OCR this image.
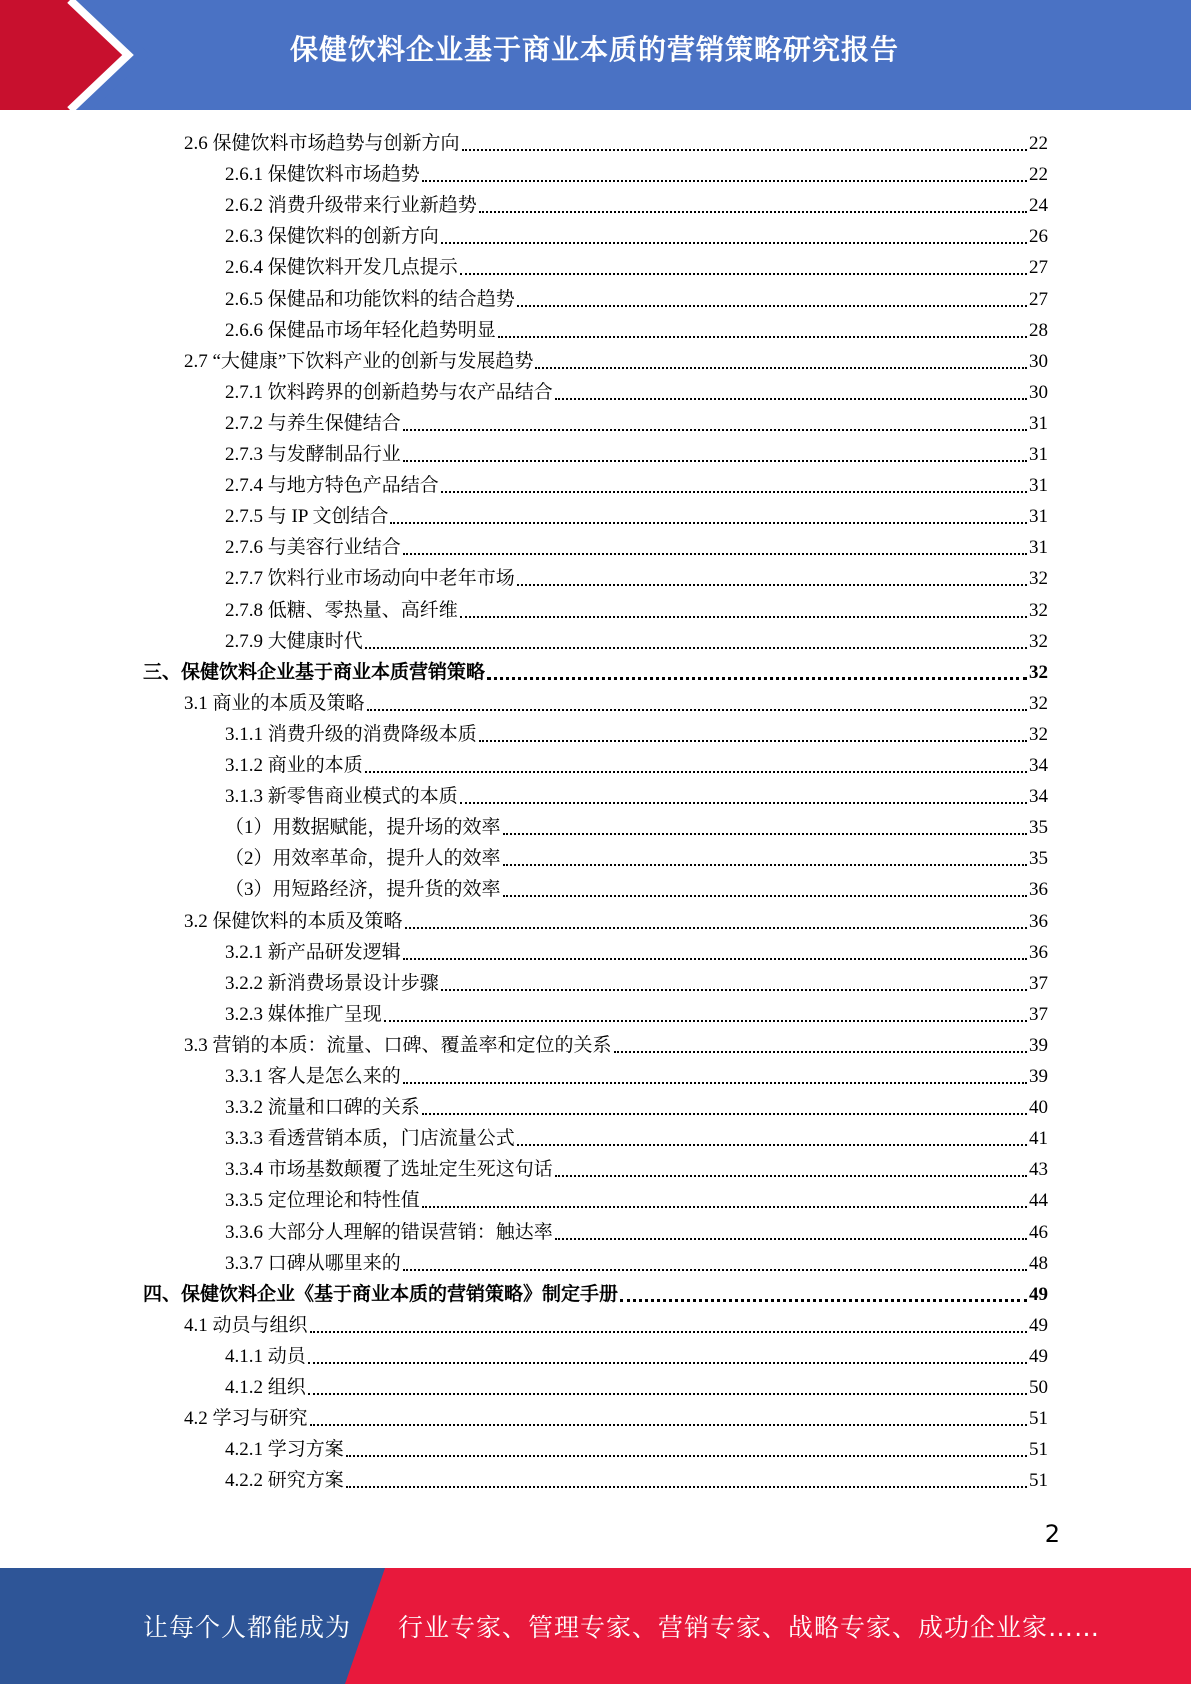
保健饮料企业基于商业本质的营销策略研究报告
2.6 保健饮料市场趋势与创新方向	22
2.6.1 保健饮料市场趋势	22
2.6.2 消费升级带来行业新趋势	24
2.6.3 保健饮料的创新方向	26
2.6.4 保健饮料开发几点提示	27
2.6.5 保健品和功能饮料的结合趋势	27
2.6.6 保健品市场年轻化趋势明显	28
2.7 “大健康”下饮料产业的创新与发展趋势	30
2.7.1 饮料跨界的创新趋势与农产品结合	30
2.7.2 与养生保健结合	31
2.7.3 与发酵制品行业	31
2.7.4 与地方特色产品结合	31
2.7.5 与 IP 文创结合	31
2.7.6 与美容行业结合	31
2.7.7 饮料行业市场动向中老年市场	32
2.7.8 低糖、零热量、高纤维	32
2.7.9 大健康时代	32
三、保健饮料企业基于商业本质营销策略	32
3.1 商业的本质及策略	32
3.1.1 消费升级的消费降级本质	32
3.1.2 商业的本质	34
3.1.3 新零售商业模式的本质	34
（1）用数据赋能，提升场的效率	35
（2）用效率革命，提升人的效率	35
（3）用短路经济，提升货的效率	36
3.2 保健饮料的本质及策略	36
3.2.1 新产品研发逻辑	36
3.2.2 新消费场景设计步骤	37
3.2.3 媒体推广呈现	37
3.3 营销的本质：流量、口碑、覆盖率和定位的关系	39
3.3.1 客人是怎么来的	39
3.3.2 流量和口碑的关系	40
3.3.3 看透营销本质，门店流量公式	41
3.3.4 市场基数颠覆了选址定生死这句话	43
3.3.5 定位理论和特性值	44
3.3.6 大部分人理解的错误营销：触达率	46
3.3.7 口碑从哪里来的	48
四、保健饮料企业《基于商业本质的营销策略》制定手册	49
4.1 动员与组织	49
4.1.1 动员	49
4.1.2 组织	50
4.2 学习与研究	51
4.2.1 学习方案	51
4.2.2 研究方案	51
2
让每个人都能成为 行业专家、管理专家、营销专家、战略专家、成功企业家……
